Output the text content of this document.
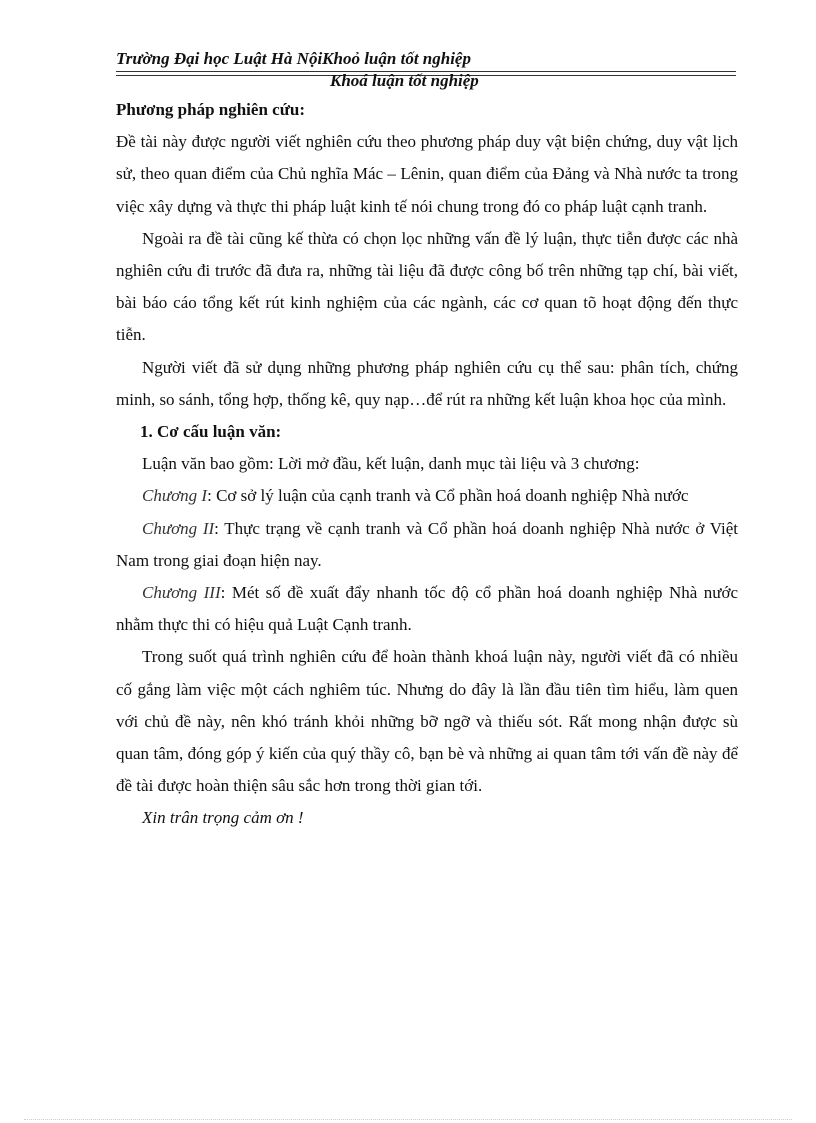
Trường Đại học Luật Hà NộiKhoỏ luận tốt nghiệp
Khoá luận tốt nghiệp

Phương pháp nghiên cứu:

Đề tài này được người viết nghiên cứu theo phương pháp duy vật biện chứng, duy vật lịch sử, theo quan điểm của Chủ nghĩa Mác – Lênin, quan điểm của Đảng và Nhà nước ta trong việc xây dựng và thực thi pháp luật kinh tế nói chung trong đó co pháp luật cạnh tranh.

Ngoài ra đề tài cũng kế thừa có chọn lọc những vấn đề lý luận, thực tiễn được các nhà nghiên cứu đi trước đã đưa ra, những tài liệu đã được công bố trên những tạp chí, bài viết, bài báo cáo tổng kết rút kinh nghiệm của các ngành, các cơ quan tõ hoạt động đến thực tiễn.

Người viết đã sử dụng những phương pháp nghiên cứu cụ thể sau: phân tích, chứng minh, so sánh, tổng hợp, thống kê, quy nạp…để rút ra những kết luận khoa học của mình.

1. Cơ cấu luận văn:

Luận văn bao gồm: Lời mở đầu, kết luận, danh mục tài liệu và 3 chương:

Chương I: Cơ sở lý luận của cạnh tranh và Cổ phần hoá doanh nghiệp Nhà nước

Chương II: Thực trạng về cạnh tranh và Cổ phần hoá doanh nghiệp Nhà nước ở Việt Nam trong giai đoạn hiện nay.

Chương III: Mét số đề xuất đẩy nhanh tốc độ cổ phần hoá doanh nghiệp Nhà nước nhằm thực thi có hiệu quả Luật Cạnh tranh.

Trong suốt quá trình nghiên cứu để hoàn thành khoá luận này, người viết đã có nhiều cố gắng làm việc một cách nghiêm túc. Nhưng do đây là lần đầu tiên tìm hiểu, làm quen với chủ đề này, nên khó tránh khỏi những bỡ ngỡ và thiếu sót. Rất mong nhận được sù quan tâm, đóng góp ý kiến của quý thầy cô, bạn bè và những ai quan tâm tới vấn đề này để đề tài được hoàn thiện sâu sắc hơn trong thời gian tới.

Xin trân trọng cảm ơn !
